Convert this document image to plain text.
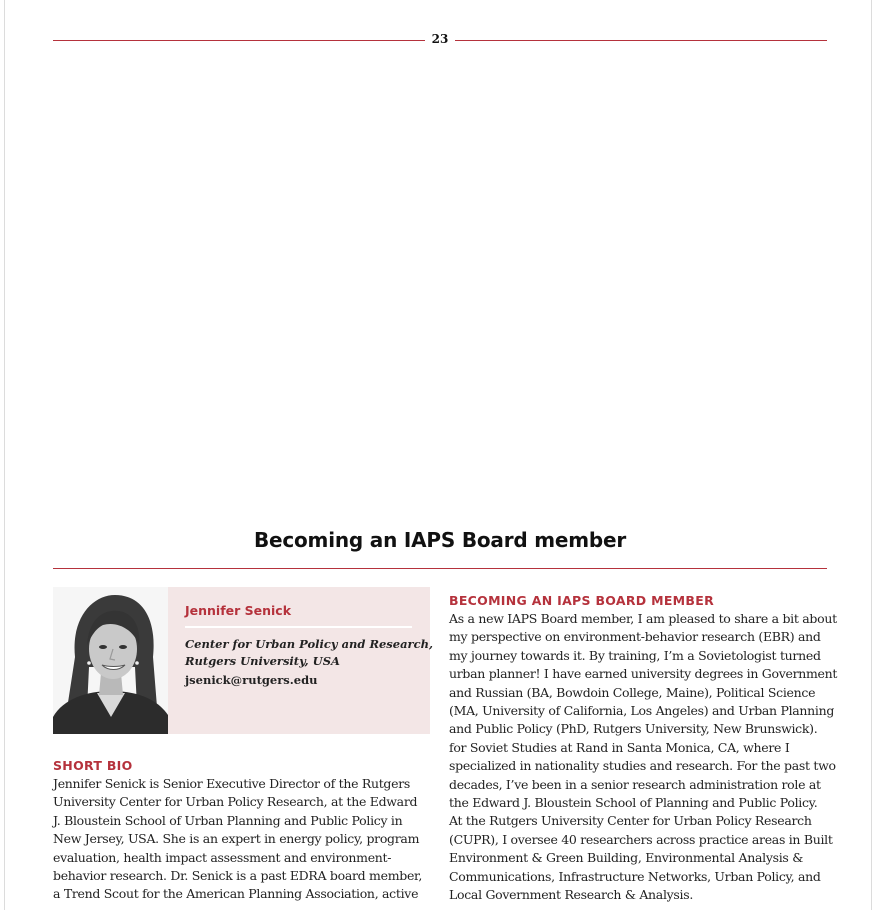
23
Becoming an IAPS Board member
Jennifer Senick
Center for Urban Policy and Research,
Rutgers University, USA
jsenick@rutgers.edu
SHORT BIO
Jennifer Senick is Senior Executive Director of the Rutgers
University Center for Urban Policy Research, at the Edward
J. Bloustein School of Urban Planning and Public Policy in
New Jersey, USA. She is an expert in energy policy, program
evaluation, health impact assessment and environment-
behavior research. Dr. Senick is a past EDRA board member,
a Trend Scout for the American Planning Association, active
BECOMING AN IAPS BOARD MEMBER
As a new IAPS Board member, I am pleased to share a bit about
my perspective on environment-behavior research (EBR) and
my journey towards it. By training, I’m a Sovietologist turned
urban planner! I have earned university degrees in Government
and Russian (BA, Bowdoin College, Maine), Political Science
(MA, University of California, Los Angeles) and Urban Planning
and Public Policy (PhD, Rutgers University, New Brunswick).
for Soviet Studies at Rand in Santa Monica, CA, where I
specialized in nationality studies and research. For the past two
decades, I’ve been in a senior research administration role at
the Edward J. Bloustein School of Planning and Public Policy.
At the Rutgers University Center for Urban Policy Research
(CUPR), I oversee 40 researchers across practice areas in Built
Environment & Green Building, Environmental Analysis &
Communications, Infrastructure Networks, Urban Policy, and
Local Government Research & Analysis.
